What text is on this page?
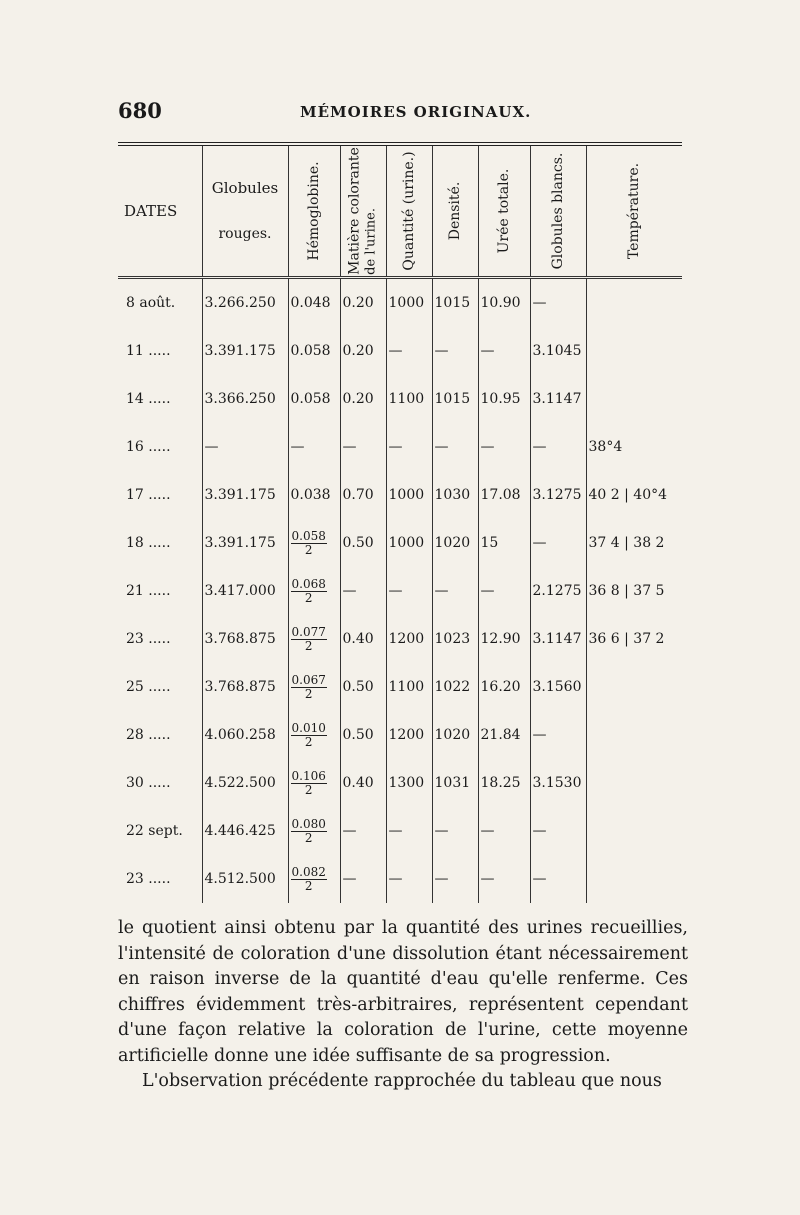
680	MÉMOIRES ORIGINAUX.
DATES	Globules
rouges.	Hémoglobine.	Matière colorante
de l'urine.	Quantité (urine.)	Densité.	Urée totale.	Globules blancs.	Température.

8 août.	3.266.250	0.048	0.20	1000	1015	10.90	—	
11 .....	3.391.175	0.058	0.20	—	—	—	3.1045	
14 .....	3.366.250	0.058	0.20	1100	1015	10.95	3.1147	
16 .....	—	—	—	—	—	—	—	38°4
17 .....	3.391.175	0.038	0.70	1000	1030	17.08	3.1275	40 2 | 40°4
18 .....	3.391.175	$\frac{0.058}{2}$	0.50	1000	1020	15	—	37 4 | 38 2
21 .....	3.417.000	$\frac{0.068}{2}$	—	—	—	—	2.1275	36 8 | 37 5
23 .....	3.768.875	$\frac{0.077}{2}$	0.40	1200	1023	12.90	3.1147	36 6 | 37 2
25 .....	3.768.875	$\frac{0.067}{2}$	0.50	1100	1022	16.20	3.1560	
28 .....	4.060.258	$\frac{0.010}{2}$	0.50	1200	1020	21.84	—	
30 .....	4.522.500	$\frac{0.106}{2}$	0.40	1300	1031	18.25	3.1530	
22 sept.	4.446.425	$\frac{0.080}{2}$	—	—	—	—	—	
23 .....	4.512.500	$\frac{0.082}{2}$	—	—	—	—	—	

le quotient ainsi obtenu par la quantité des urines recueillies, l'intensité de coloration d'une dissolution étant nécessairement en raison inverse de la quantité d'eau qu'elle renferme. Ces chiffres évidemment très-arbitraires, représentent cependant d'une façon relative la coloration de l'urine, cette moyenne artificielle donne une idée suffisante de sa progression.

L'observation précédente rapprochée du tableau que nous
